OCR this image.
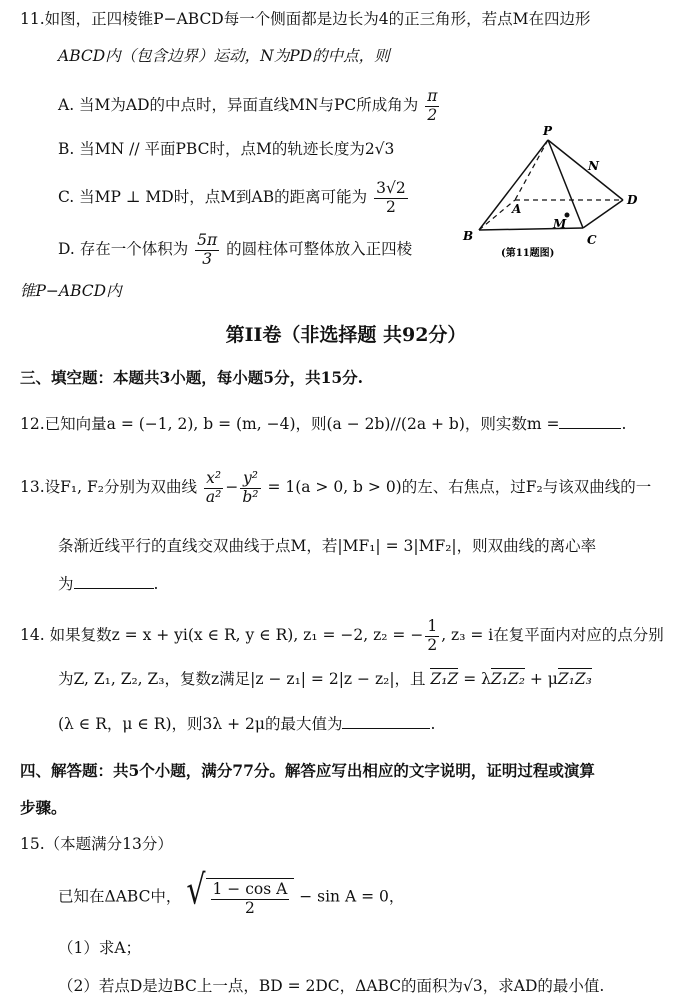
11.如图，正四棱锥P−ABCD每一个侧面都是边长为4的正三角形，若点M在四边形
ABCD内（包含边界）运动，N为PD的中点，则
A. 当M为AD的中点时，异面直线MN与PC所成角为 $\frac{\pi}{2}$
B. 当MN // 平面PBC时，点M的轨迹长度为2√3
C. 当MP ⊥ MD时，点M到AB的距离可能为 $\frac{3√2}{2}$
D. 存在一个体积为 $\frac{5\pi}{3}$ 的圆柱体可整体放入正四棱
锥P−ABCD内
P
N
A
D
M
B	C
(第11题图)
第II卷（非选择题 共92分）
三、填空题：本题共3小题，每小题5分，共15分.
12.已知向量a = (−1, 2), b = (m, −4)，则(a − 2b)//(2a + b)，则实数m =	.
13.设F₁, F₂分别为双曲线 $\frac{\text{x²}}{\text{a²}} - \frac{\text{y²}}{\text{b²}} = 1(a > 0$, b > 0)的左、右焦点，过F₂与该双曲线的一
条渐近线平行的直线交双曲线于点M，若|MF₁| = 3|MF₂|，则双曲线的离心率
为	.
14. 如果复数z = x + yi(x ∈ R, y ∈ R), z₁ = −2, z₂ = − $\frac{1}{2}$ , z₃ = i在复平面内对应的点分别
为Z, Z₁, Z₂, Z₃，复数z满足|z − z₁| = 2|z − z₂|，且 Z₁Z = λZ₁Z₂ + μZ₁Z₃
(λ ∈ R，μ ∈ R)，则3λ + 2μ的最大值为	.
四、解答题：共5个小题，满分77分。解答应写出相应的文字说明，证明过程或演算
步骤。
15.（本题满分13分）
已知在ΔABC中， √ $\frac{\text{1 − cos A}}{2} - \sin A = 0$，
（1）求A；
（2）若点D是边BC上一点，BD = 2DC，ΔABC的面积为√3，求AD的最小值.
